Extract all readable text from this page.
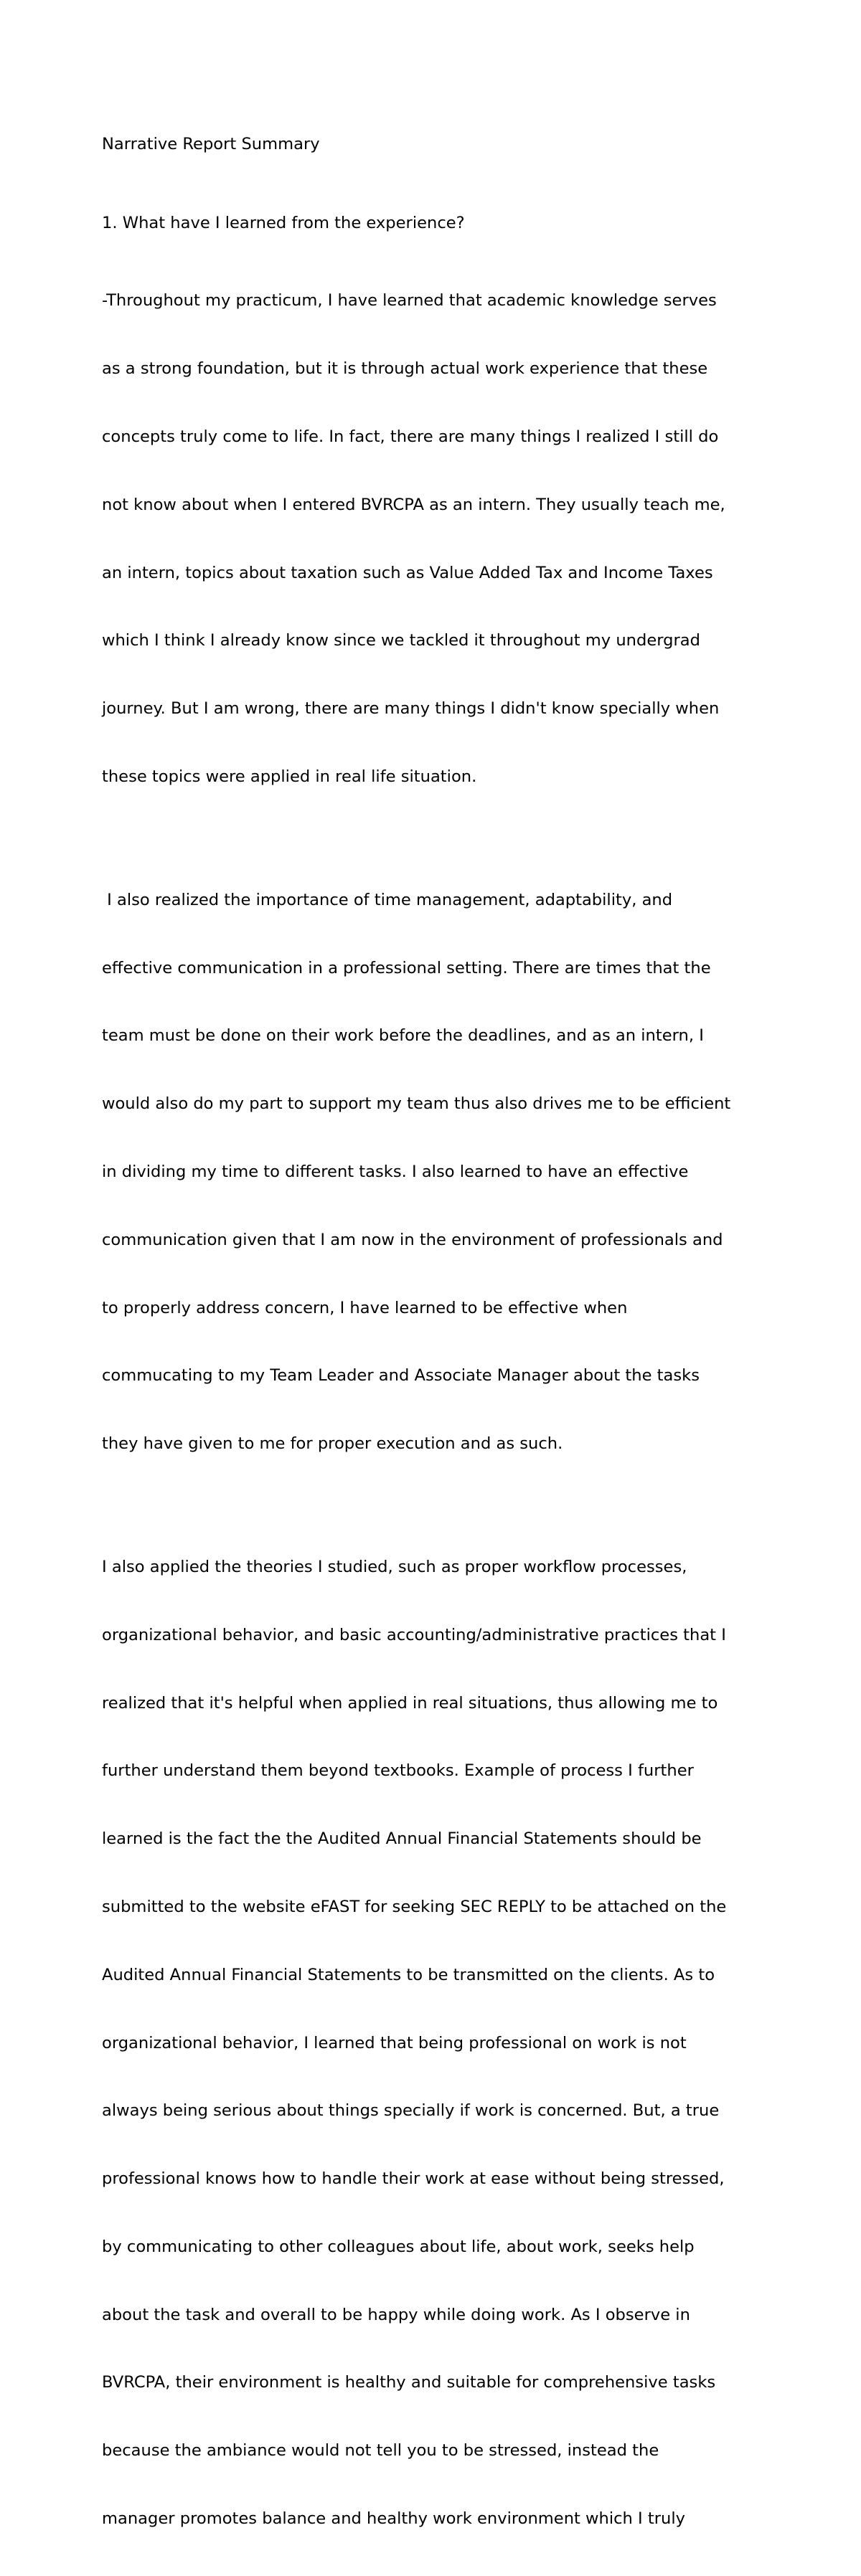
Narrative Report Summary
1. What have I learned from the experience?

-Throughout my practicum, I have learned that academic knowledge serves

as a strong foundation, but it is through actual work experience that these

concepts truly come to life. In fact, there are many things I realized I still do

not know about when I entered BVRCPA as an intern. They usually teach me,

an intern, topics about taxation such as Value Added Tax and Income Taxes

which I think I already know since we tackled it throughout my undergrad

journey. But I am wrong, there are many things I didn't know specially when

these topics were applied in real life situation.

I also realized the importance of time management, adaptability, and

effective communication in a professional setting. There are times that the

team must be done on their work before the deadlines, and as an intern, I

would also do my part to support my team thus also drives me to be efficient

in dividing my time to different tasks. I also learned to have an effective

communication given that I am now in the environment of professionals and

to properly address concern, I have learned to be effective when

commucating to my Team Leader and Associate Manager about the tasks

they have given to me for proper execution and as such.

I also applied the theories I studied, such as proper workflow processes,

organizational behavior, and basic accounting/administrative practices that I

realized that it's helpful when applied in real situations, thus allowing me to

further understand them beyond textbooks. Example of process I further

learned is the fact the the Audited Annual Financial Statements should be

submitted to the website eFAST for seeking SEC REPLY to be attached on the

Audited Annual Financial Statements to be transmitted on the clients. As to

organizational behavior, I learned that being professional on work is not

always being serious about things specially if work is concerned. But, a true

professional knows how to handle their work at ease without being stressed,

by communicating to other colleagues about life, about work, seeks help

about the task and overall to be happy while doing work. As I observe in

BVRCPA, their environment is healthy and suitable for comprehensive tasks

because the ambiance would not tell you to be stressed, instead the

manager promotes balance and healthy work environment which I truly
